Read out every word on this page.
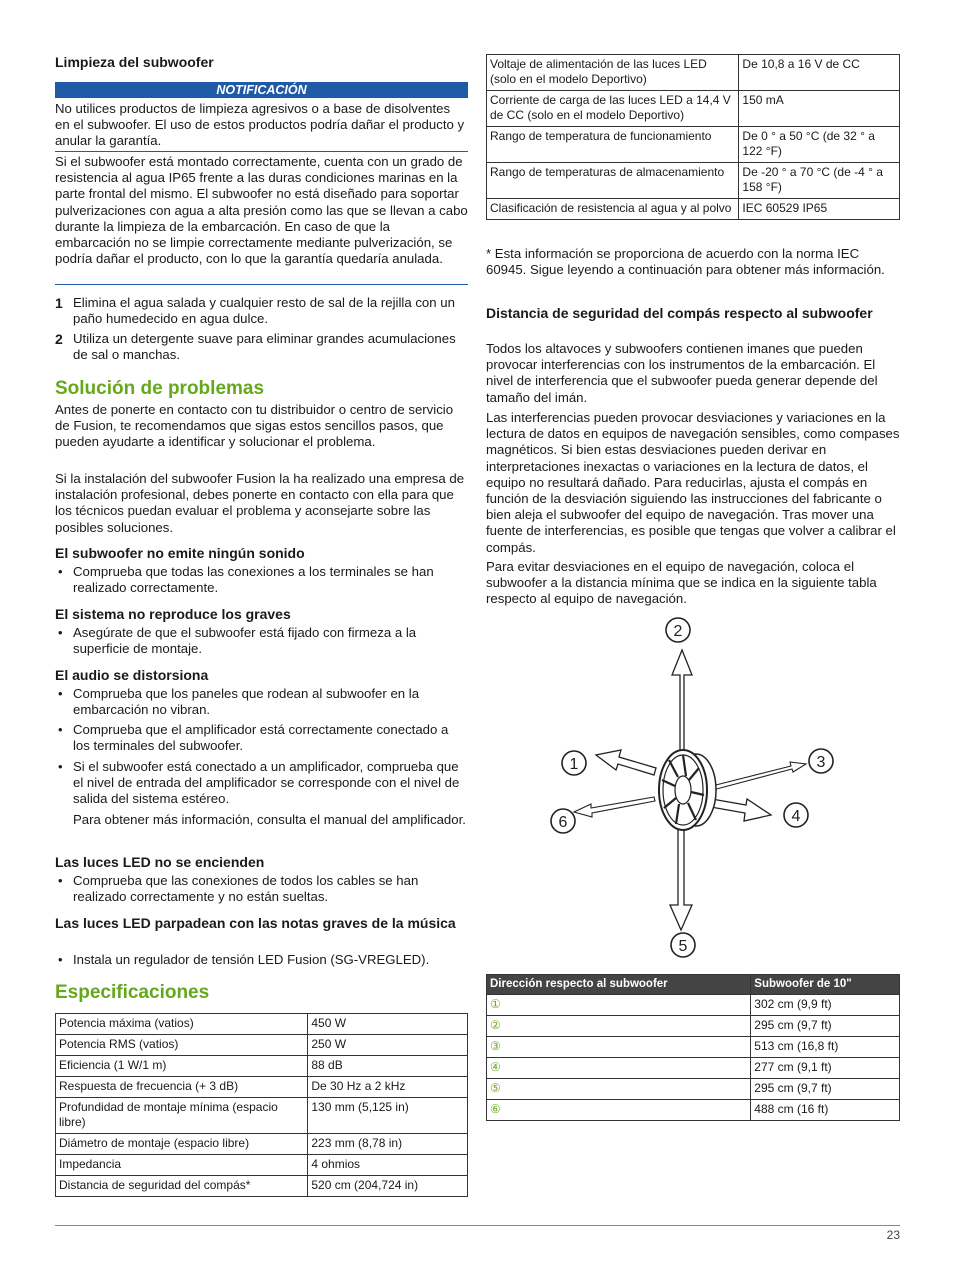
Limpieza del subwoofer
NOTIFICACIÓN

No utilices productos de limpieza agresivos o a base de disolventes en el subwoofer. El uso de estos productos podría dañar el producto y anular la garantía.

Si el subwoofer está montado correctamente, cuenta con un grado de resistencia al agua IP65 frente a las duras condiciones marinas en la parte frontal del mismo. El subwoofer no está diseñado para soportar pulverizaciones con agua a alta presión como las que se llevan a cabo durante la limpieza de la embarcación. En caso de que la embarcación no se limpie correctamente mediante pulverización, se podría dañar el producto, con lo que la garantía quedaría anulada.

1 Elimina el agua salada y cualquier resto de sal de la rejilla con un paño humedecido en agua dulce.

2 Utiliza un detergente suave para eliminar grandes acumulaciones de sal o manchas.

Solución de problemas

Antes de ponerte en contacto con tu distribuidor o centro de servicio de Fusion, te recomendamos que sigas estos sencillos pasos, que pueden ayudarte a identificar y solucionar el problema.

Si la instalación del subwoofer Fusion la ha realizado una empresa de instalación profesional, debes ponerte en contacto con ella para que los técnicos puedan evaluar el problema y aconsejarte sobre las posibles soluciones.

El subwoofer no emite ningún sonido
• Comprueba que todas las conexiones a los terminales se han realizado correctamente.

El sistema no reproduce los graves
• Asegúrate de que el subwoofer está fijado con firmeza a la superficie de montaje.

El audio se distorsiona
• Comprueba que los paneles que rodean al subwoofer en la embarcación no vibran.

• Comprueba que el amplificador está correctamente conectado a los terminales del subwoofer.

• Si el subwoofer está conectado a un amplificador, comprueba que el nivel de entrada del amplificador se corresponde con el nivel de salida del sistema estéreo.

Para obtener más información, consulta el manual del amplificador.

Las luces LED no se encienden
• Comprueba que las conexiones de todos los cables se han realizado correctamente y no están sueltas.

Las luces LED parpadean con las notas graves de la música
• Instala un regulador de tensión LED Fusion (SG-VREGLED).

Especificaciones
Potencia máxima (vatios)	450 W
Potencia RMS (vatios)	250 W
Eficiencia (1 W/1 m)	88 dB
Respuesta de frecuencia (+ 3 dB)	De 30 Hz a 2 kHz
Profundidad de montaje mínima (espacio libre)	130 mm (5,125 in)
Diámetro de montaje (espacio libre)	223 mm (8,78 in)
Impedancia	4 ohmios
Distancia de seguridad del compás*	520 cm (204,724 in)
Voltaje de alimentación de las luces LED (solo en el modelo Deportivo)	De 10,8 a 16 V de CC
Corriente de carga de las luces LED a 14,4 V de CC (solo en el modelo Deportivo)	150 mA
Rango de temperatura de funcionamiento	De 0 ° a 50 °C (de 32 ° a 122 °F)
Rango de temperaturas de almacenamiento	De -20 ° a 70 °C (de -4 ° a 158 °F)
Clasificación de resistencia al agua y al polvo	IEC 60529 IP65

* Esta información se proporciona de acuerdo con la norma IEC 60945. Sigue leyendo a continuación para obtener más información.

Distancia de seguridad del compás respecto al subwoofer

Todos los altavoces y subwoofers contienen imanes que pueden provocar interferencias con los instrumentos de la embarcación. El nivel de interferencia que el subwoofer pueda generar depende del tamaño del imán.

Las interferencias pueden provocar desviaciones y variaciones en la lectura de datos en equipos de navegación sensibles, como compases magnéticos. Si bien estas desviaciones pueden derivar en interpretaciones inexactas o variaciones en la lectura de datos, el equipo no resultará dañado. Para reducirlas, ajusta el compás en función de la desviación siguiendo las instrucciones del fabricante o bien aleja el subwoofer del equipo de navegación. Tras mover una fuente de interferencias, es posible que tengas que volver a calibrar el compás.

Para evitar desviaciones en el equipo de navegación, coloca el subwoofer a la distancia mínima que se indica en la siguiente tabla respecto al equipo de navegación.

1
2
3
4
5
6
Dirección respecto al subwoofer	Subwoofer de 10"
①	302 cm (9,9 ft)
②	295 cm (9,7 ft)
③	513 cm (16,8 ft)
④	277 cm (9,1 ft)
⑤	295 cm (9,7 ft)
⑥	488 cm (16 ft)
23
